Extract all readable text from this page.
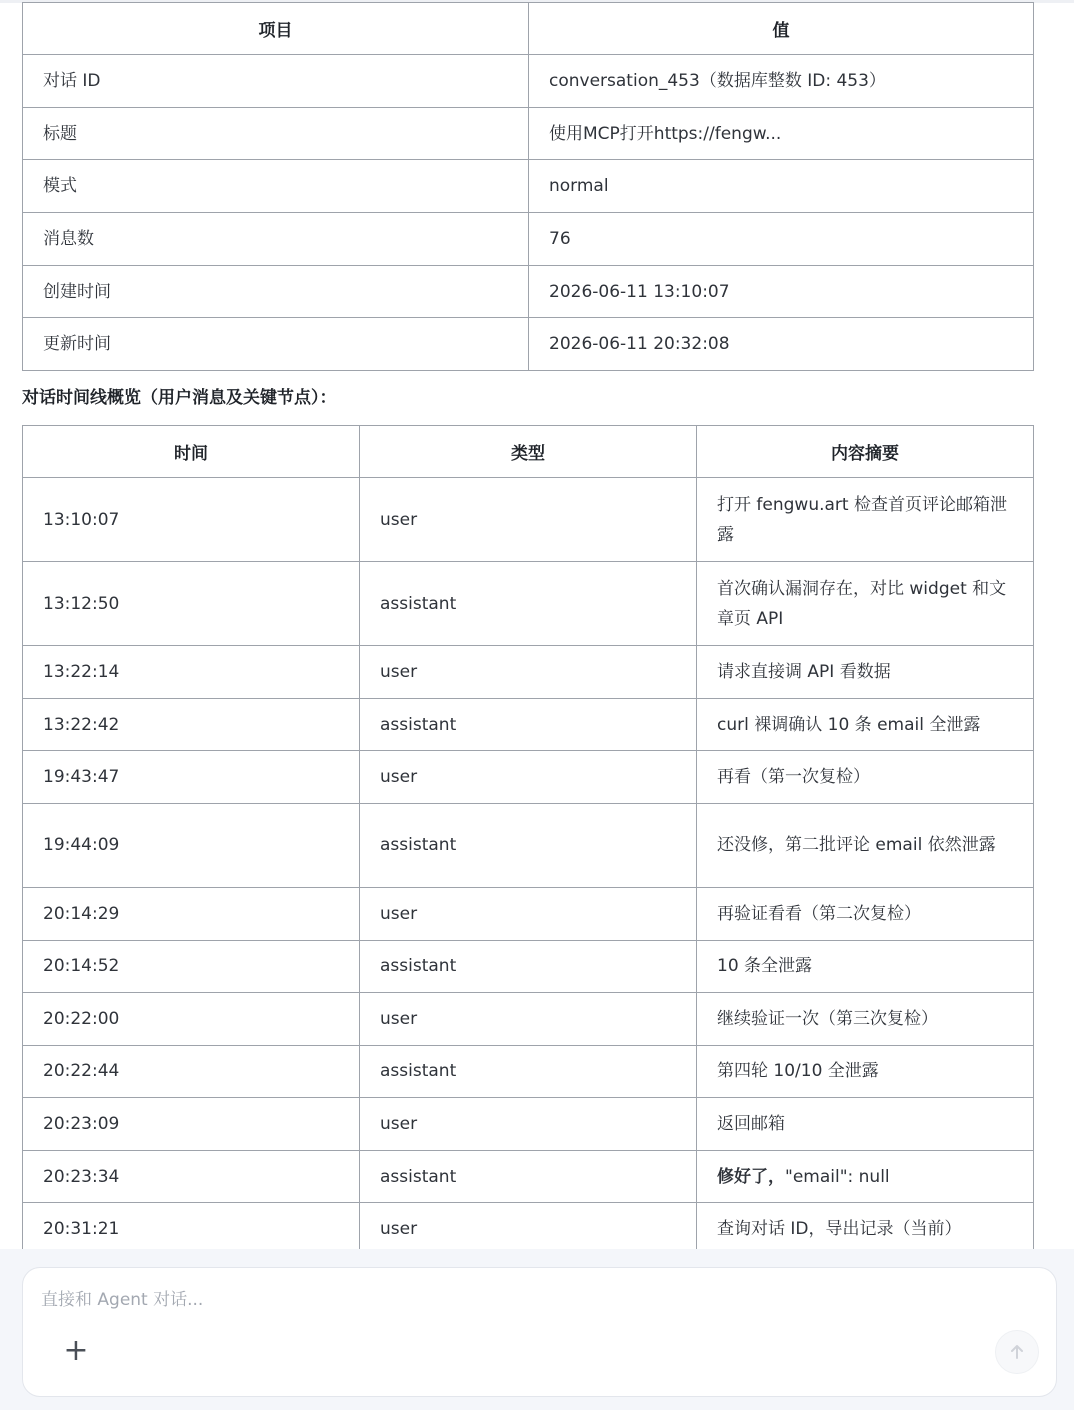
项目	值
对话 ID	conversation_453（数据库整数 ID: 453）
标题	使用MCP打开https://fengw...
模式	normal
消息数	76
创建时间	2026-06-11 13:10:07
更新时间	2026-06-11 20:32:08
对话时间线概览（用户消息及关键节点）：
时间	类型	内容摘要
13:10:07	user	打开 fengwu.art 检查首页评论邮箱泄露
13:12:50	assistant	首次确认漏洞存在，对比 widget 和文章页 API
13:22:14	user	请求直接调 API 看数据
13:22:42	assistant	curl 裸调确认 10 条 email 全泄露
19:43:47	user	再看（第一次复检）
19:44:09	assistant	还没修，第二批评论 email 依然泄露
20:14:29	user	再验证看看（第二次复检）
20:14:52	assistant	10 条全泄露
20:22:00	user	继续验证一次（第三次复检）
20:22:44	assistant	第四轮 10/10 全泄露
20:23:09	user	返回邮箱
20:23:34	assistant	修好了，"email": null
20:31:21	user	查询对话 ID，导出记录（当前）
直接和 Agent 对话...
+
